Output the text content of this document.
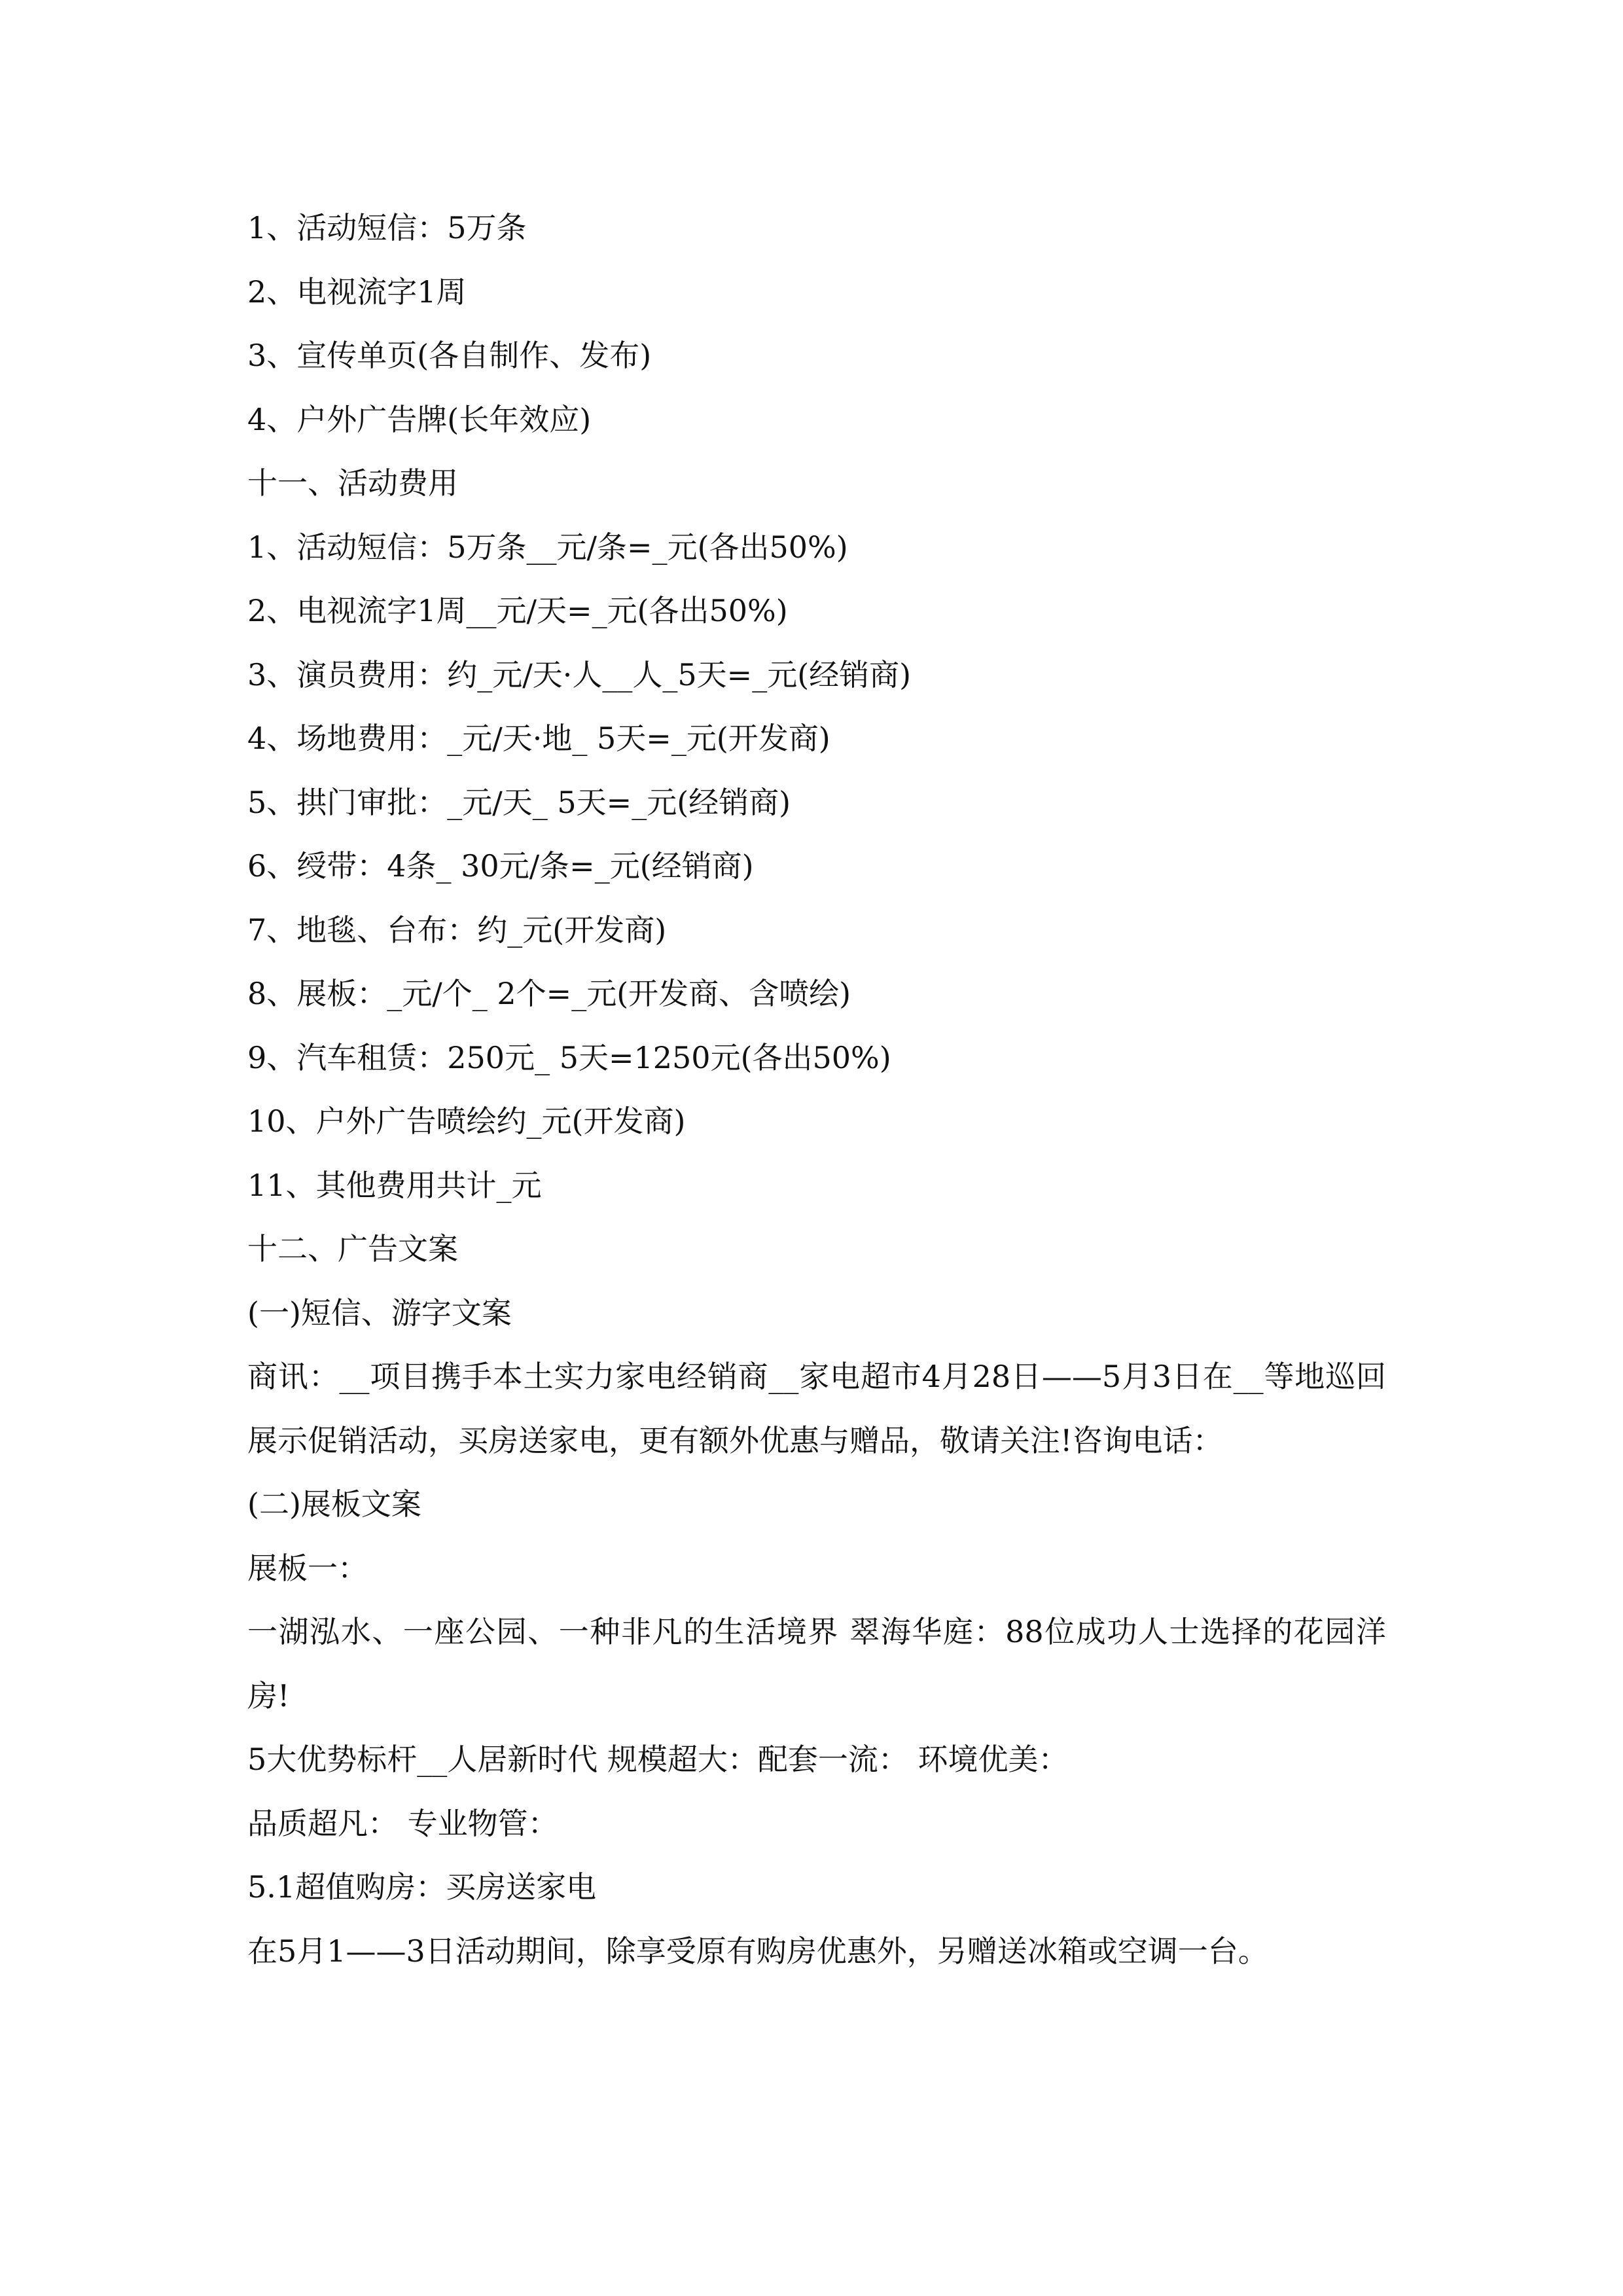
1、活动短信：5万条

2、电视流字1周

3、宣传单页(各自制作、发布)

4、户外广告牌(长年效应)

十一、活动费用

1、活动短信：5万条__元/条=_元(各出50%)

2、电视流字1周__元/天=_元(各出50%)

3、演员费用：约_元/天·人__人_5天=_元(经销商)

4、场地费用：_元/天·地_ 5天=_元(开发商)

5、拱门审批：_元/天_ 5天=_元(经销商)

6、绶带：4条_ 30元/条=_元(经销商)

7、地毯、台布：约_元(开发商)

8、展板：_元/个_ 2个=_元(开发商、含喷绘)

9、汽车租赁：250元_ 5天=1250元(各出50%)

10、户外广告喷绘约_元(开发商)

11、其他费用共计_元

十二、广告文案

(一)短信、游字文案

商讯：__项目携手本土实力家电经销商__家电超市4月28日——5月3日在__等地巡回展示促销活动，买房送家电，更有额外优惠与赠品，敬请关注!咨询电话：

(二)展板文案

展板一：

一湖泓水、一座公园、一种非凡的生活境界 翠海华庭：88位成功人士选择的花园洋房!

5大优势标杆__人居新时代 规模超大：配套一流： 环境优美：

品质超凡： 专业物管：

5.1超值购房：买房送家电

在5月1——3日活动期间，除享受原有购房优惠外，另赠送冰箱或空调一台。
